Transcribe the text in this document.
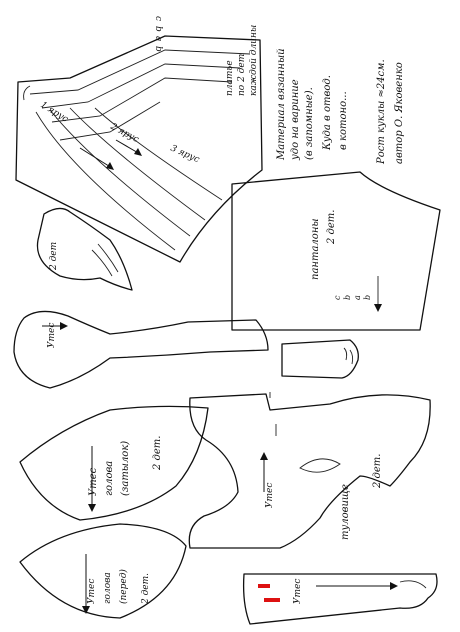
c
b
a
b
1 ярус
2 ярус
3 ярус
платье по 2 дет каждой длины Материал вязанный удо на вариние (в запомные). Куда в отвод. в котоно...	Рост куклы ≈24см. автор О. Яковенко
панталоны 2 дет.
c b a b
2 дет
Утес
Утес голова (затылок) 2 дет.
Утес голова (перед) 2 дет.
Утес	туловище
2 дет.
Утес
